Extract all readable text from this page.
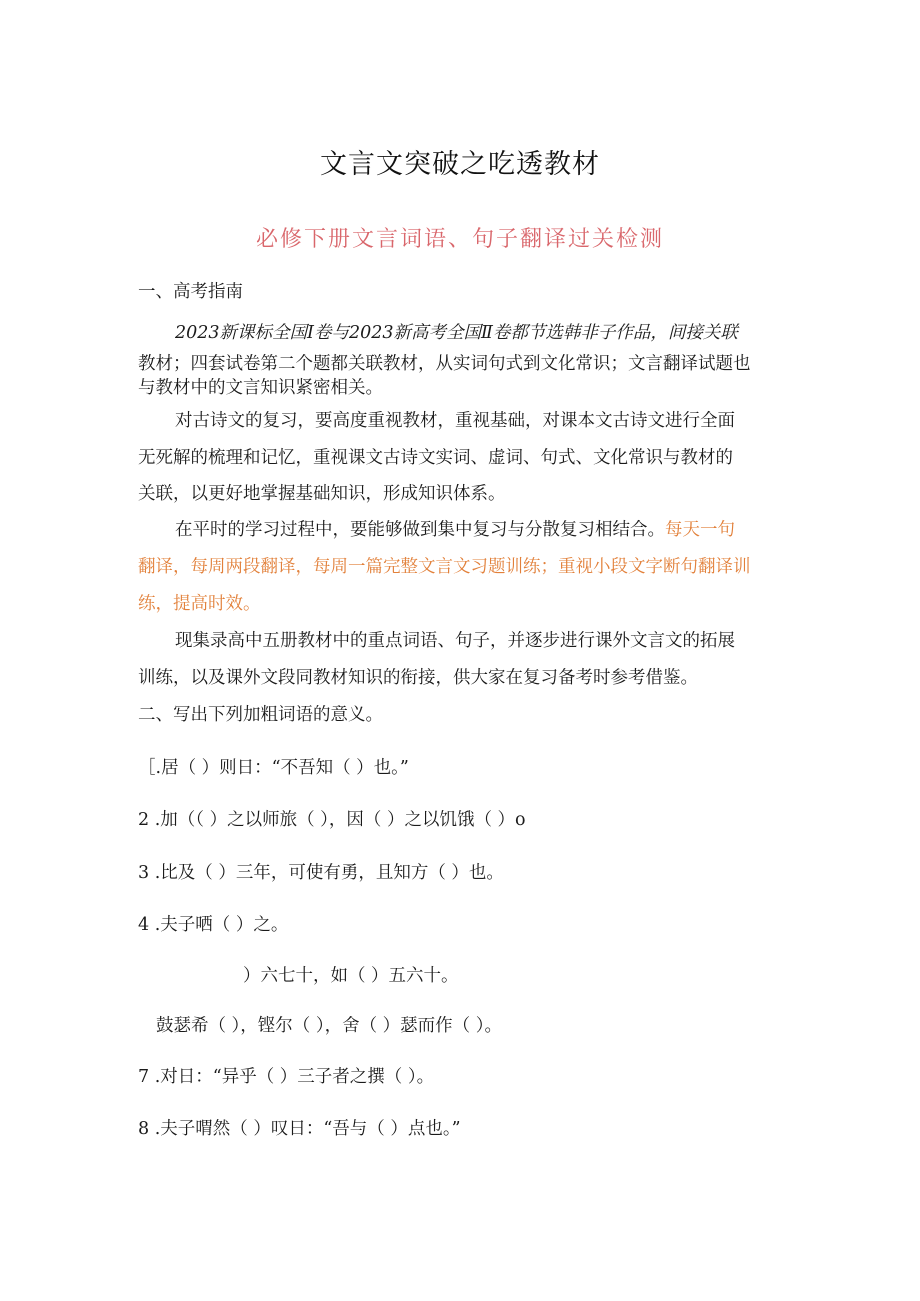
文言文突破之吃透教材
必修下册文言词语、句子翻译过关检测
一、高考指南
2023新课标全国Ⅰ卷与2023新高考全国Ⅱ卷都节选韩非子作品，间接关联
教材；四套试卷第二个题都关联教材，从实词句式到文化常识；文言翻译试题也
与教材中的文言知识紧密相关。
对古诗文的复习，要高度重视教材，重视基础，对课本文古诗文进行全面
无死解的梳理和记忆，重视课文古诗文实词、虚词、句式、文化常识与教材的
关联，以更好地掌握基础知识，形成知识体系。
在平时的学习过程中，要能够做到集中复习与分散复习相结合。每天一句
翻译，每周两段翻译，每周一篇完整文言文习题训练；重视小段文字断句翻译训
练，提高时效。
现集录高中五册教材中的重点词语、句子，并逐步进行课外文言文的拓展
训练，以及课外文段同教材知识的衔接，供大家在复习备考时参考借鉴。
二、写出下列加粗词语的意义。
［.居（ ）则日：“不吾知（ ）也。”
2 .加（（ ）之以师旅（ ），因（ ）之以饥饿（ ）o
3 .比及（ ）三年，可使有勇，且知方（ ）也。
4 .夫子哂（ ）之。
）六七十，如（ ）五六十。
鼓瑟希（ ），铿尔（ ），舍（ ）瑟而作（ ）。
7 .对日：“异乎（ ）三子者之撰（ ）。
8 .夫子喟然（ ）叹日：“吾与（ ）点也。”
